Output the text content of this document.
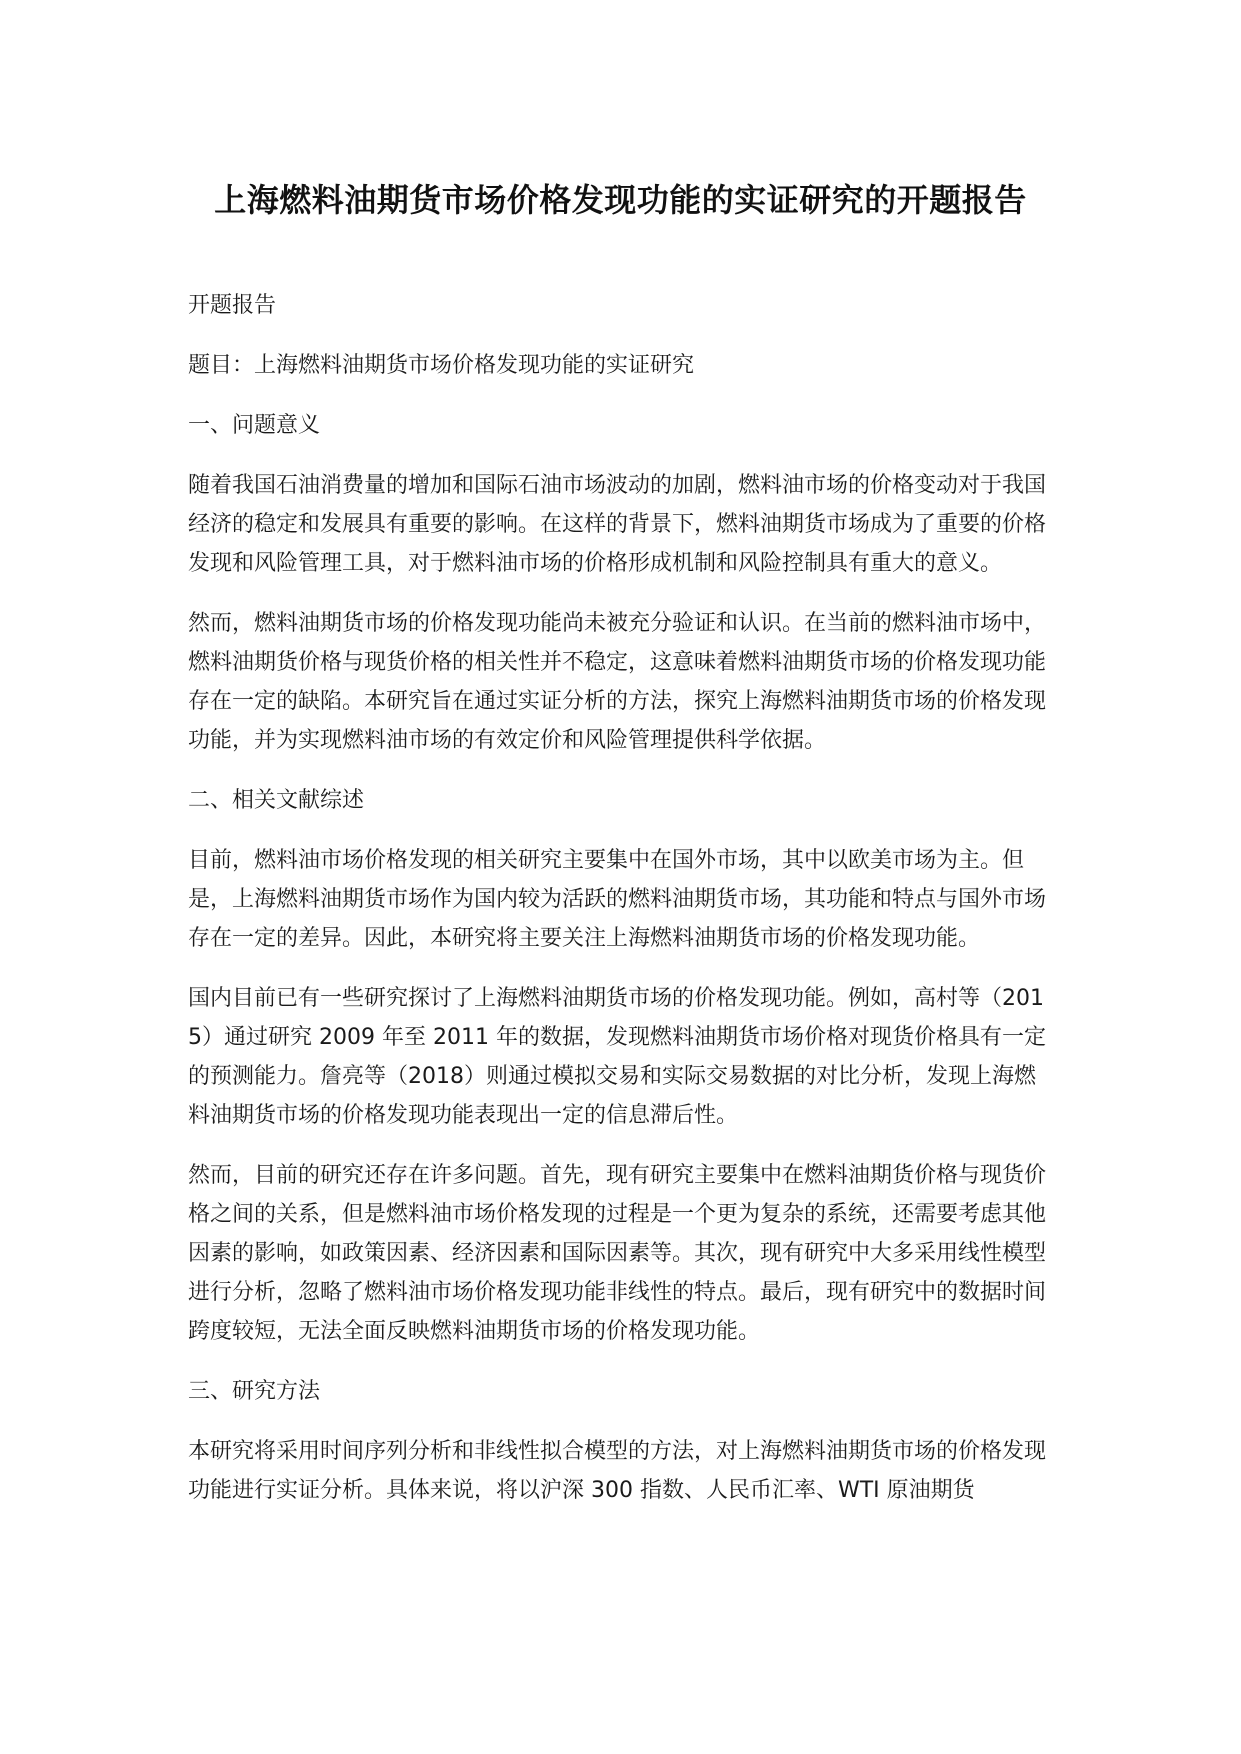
上海燃料油期货市场价格发现功能的实证研究的开题报告

开题报告

题目：上海燃料油期货市场价格发现功能的实证研究

一、问题意义

随着我国石油消费量的增加和国际石油市场波动的加剧，燃料油市场的价格变动对于我国经济的稳定和发展具有重要的影响。在这样的背景下，燃料油期货市场成为了重要的价格发现和风险管理工具，对于燃料油市场的价格形成机制和风险控制具有重大的意义。

然而，燃料油期货市场的价格发现功能尚未被充分验证和认识。在当前的燃料油市场中，燃料油期货价格与现货价格的相关性并不稳定，这意味着燃料油期货市场的价格发现功能存在一定的缺陷。本研究旨在通过实证分析的方法，探究上海燃料油期货市场的价格发现功能，并为实现燃料油市场的有效定价和风险管理提供科学依据。

二、相关文献综述

目前，燃料油市场价格发现的相关研究主要集中在国外市场，其中以欧美市场为主。但是，上海燃料油期货市场作为国内较为活跃的燃料油期货市场，其功能和特点与国外市场存在一定的差异。因此，本研究将主要关注上海燃料油期货市场的价格发现功能。

国内目前已有一些研究探讨了上海燃料油期货市场的价格发现功能。例如，高村等（2015）通过研究 2009 年至 2011 年的数据，发现燃料油期货市场价格对现货价格具有一定的预测能力。詹亮等（2018）则通过模拟交易和实际交易数据的对比分析，发现上海燃料油期货市场的价格发现功能表现出一定的信息滞后性。

然而，目前的研究还存在许多问题。首先，现有研究主要集中在燃料油期货价格与现货价格之间的关系，但是燃料油市场价格发现的过程是一个更为复杂的系统，还需要考虑其他因素的影响，如政策因素、经济因素和国际因素等。其次，现有研究中大多采用线性模型进行分析，忽略了燃料油市场价格发现功能非线性的特点。最后，现有研究中的数据时间跨度较短，无法全面反映燃料油期货市场的价格发现功能。

三、研究方法

本研究将采用时间序列分析和非线性拟合模型的方法，对上海燃料油期货市场的价格发现功能进行实证分析。具体来说，将以沪深 300 指数、人民币汇率、WTI 原油期货
